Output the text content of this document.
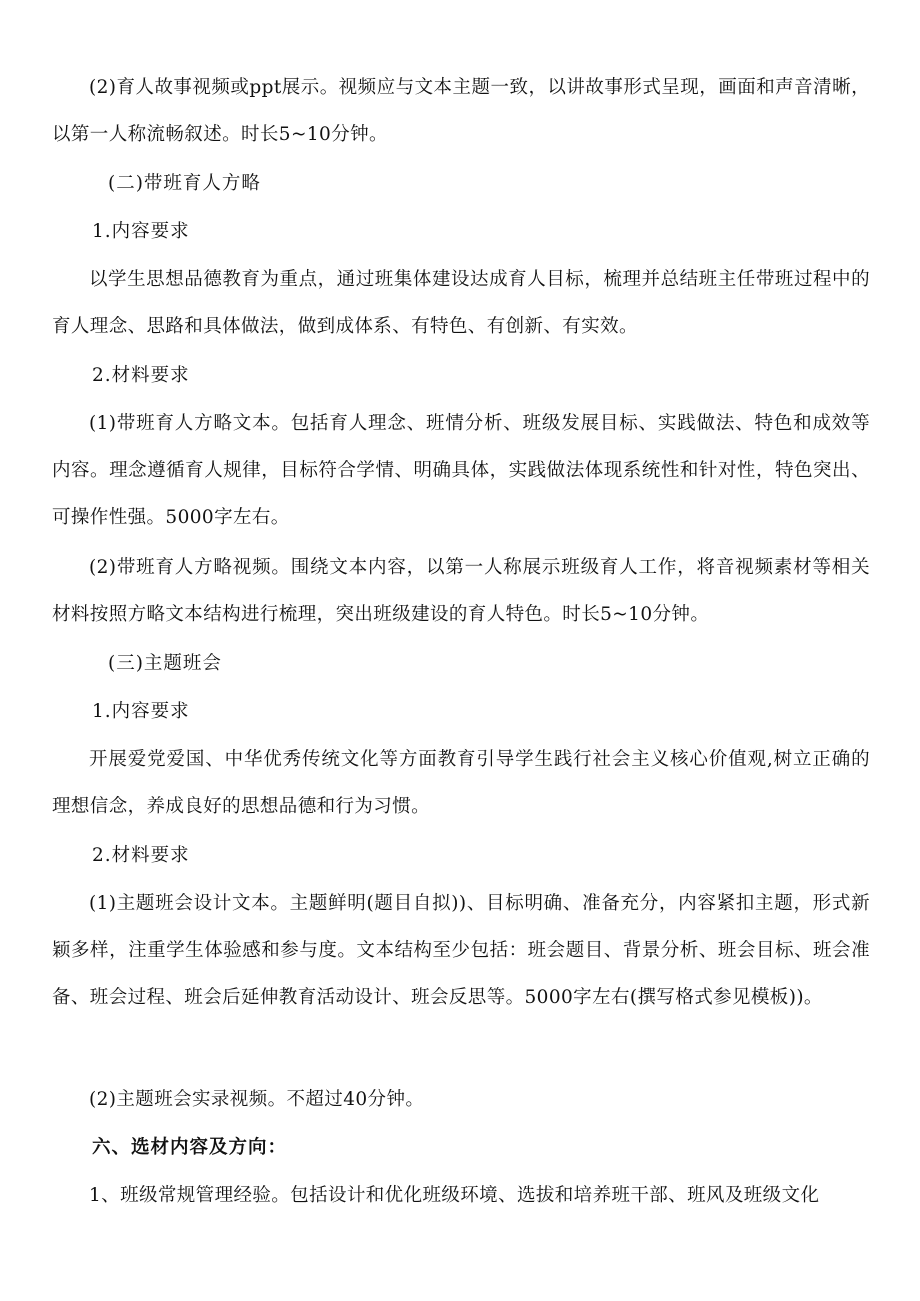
(2)育人故事视频或ppt展示。视频应与文本主题一致，以讲故事形式呈现，画面和声音清晰，以第一人称流畅叙述。时长5~10分钟。

(二)带班育人方略

1.内容要求

以学生思想品德教育为重点，通过班集体建设达成育人目标，梳理并总结班主任带班过程中的育人理念、思路和具体做法，做到成体系、有特色、有创新、有实效。

2.材料要求

(1)带班育人方略文本。包括育人理念、班情分析、班级发展目标、实践做法、特色和成效等内容。理念遵循育人规律，目标符合学情、明确具体，实践做法体现系统性和针对性，特色突出、可操作性强。5000字左右。

(2)带班育人方略视频。围绕文本内容，以第一人称展示班级育人工作，将音视频素材等相关材料按照方略文本结构进行梳理，突出班级建设的育人特色。时长5~10分钟。

(三)主题班会

1.内容要求

开展爱党爱国、中华优秀传统文化等方面教育引导学生践行社会主义核心价值观,树立正确的理想信念，养成良好的思想品德和行为习惯。

2.材料要求

(1)主题班会设计文本。主题鲜明(题目自拟))、目标明确、准备充分，内容紧扣主题，形式新颖多样，注重学生体验感和参与度。文本结构至少包括：班会题目、背景分析、班会目标、班会准备、班会过程、班会后延伸教育活动设计、班会反思等。5000字左右(撰写格式参见模板))。

(2)主题班会实录视频。不超过40分钟。

六、选材内容及方向：

1、班级常规管理经验。包括设计和优化班级环境、选拔和培养班干部、班风及班级文化
